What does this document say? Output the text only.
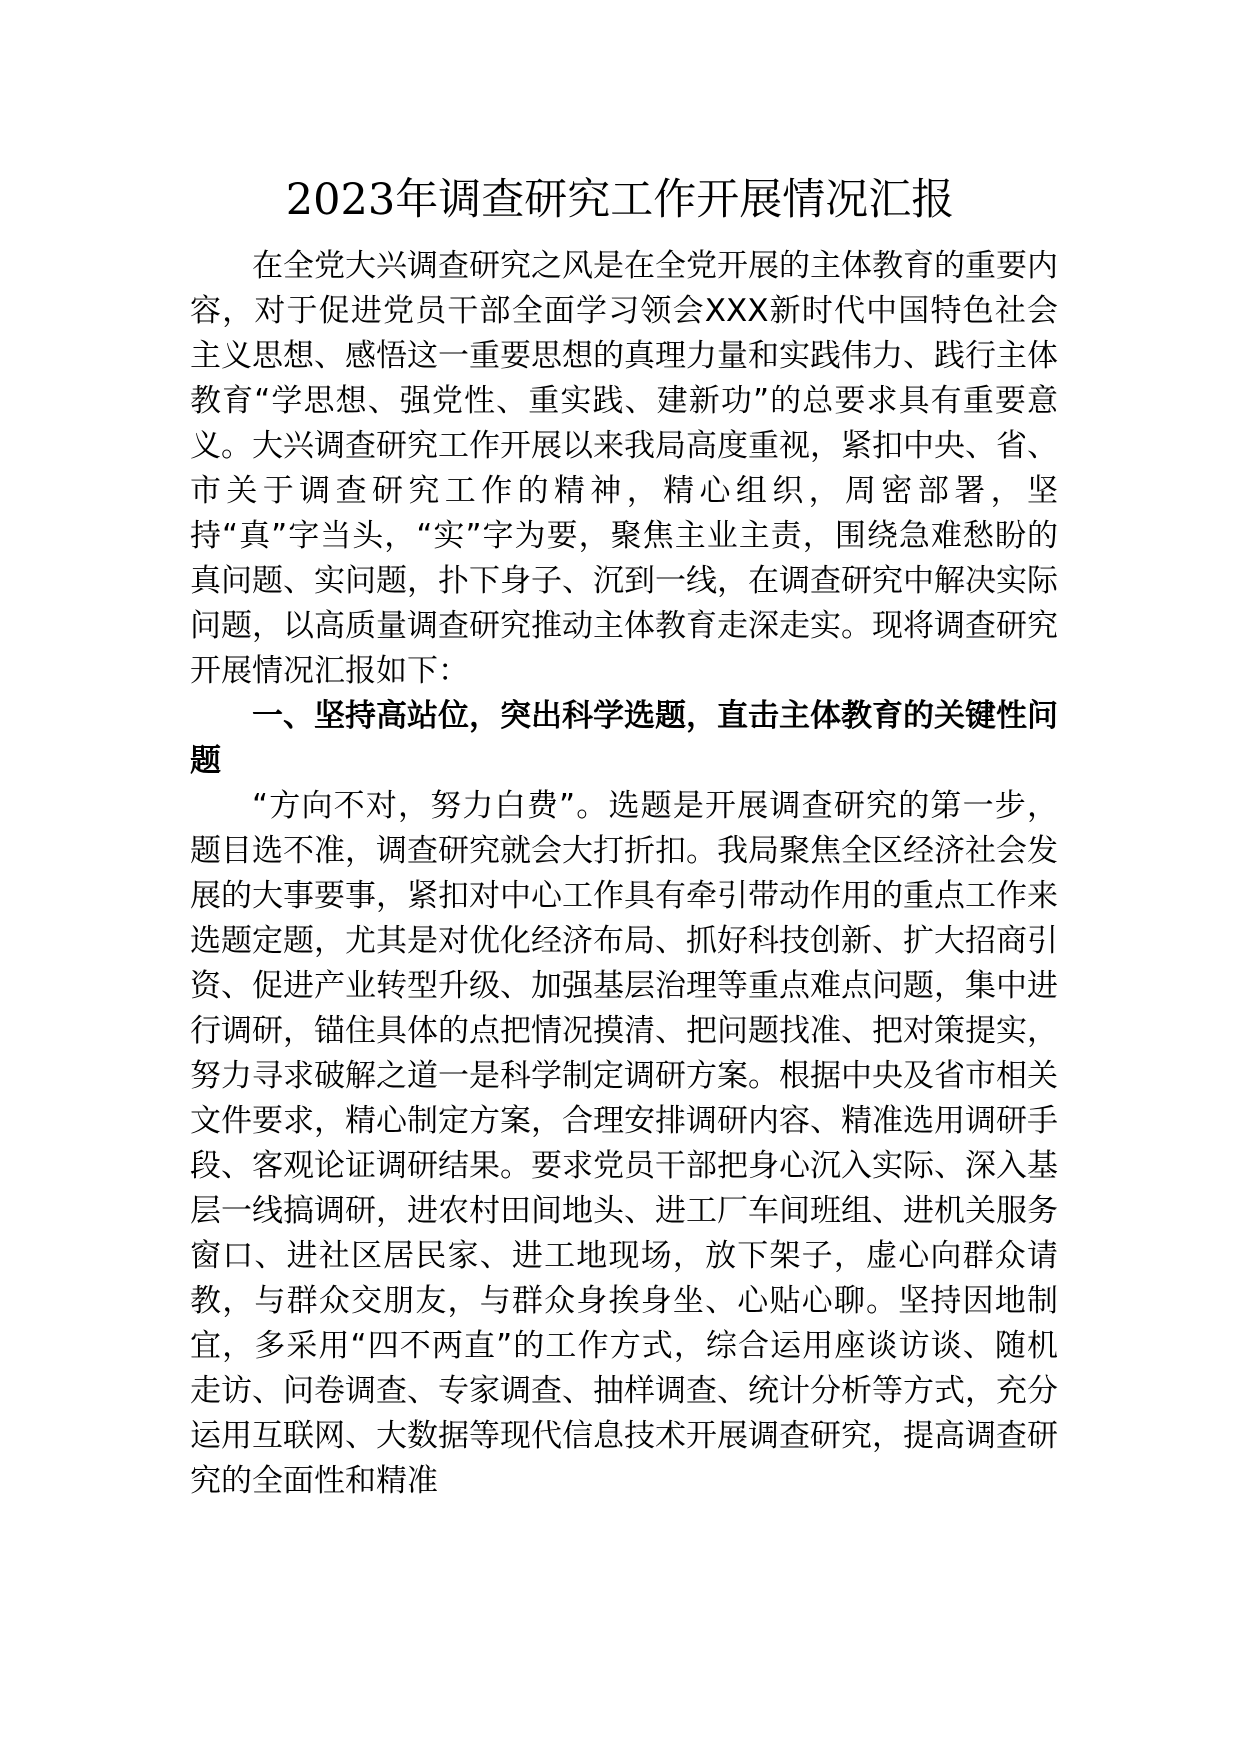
2023年调查研究工作开展情况汇报

在全党大兴调查研究之风是在全党开展的主体教育的重要内容，对于促进党员干部全面学习领会XXX新时代中国特色社会主义思想、感悟这一重要思想的真理力量和实践伟力、践行主体教育“学思想、强党性、重实践、建新功”的总要求具有重要意义。大兴调查研究工作开展以来我局高度重视，紧扣中央、省、市关于调查研究工作的精神，精心组织，周密部署，坚持“真”字当头，“实”字为要，聚焦主业主责，围绕急难愁盼的真问题、实问题，扑下身子、沉到一线，在调查研究中解决实际问题，以高质量调查研究推动主体教育走深走实。现将调查研究开展情况汇报如下：

一、坚持高站位，突出科学选题，直击主体教育的关键性问题

“方向不对，努力白费”。选题是开展调查研究的第一步，题目选不准，调查研究就会大打折扣。我局聚焦全区经济社会发展的大事要事，紧扣对中心工作具有牵引带动作用的重点工作来选题定题，尤其是对优化经济布局、抓好科技创新、扩大招商引资、促进产业转型升级、加强基层治理等重点难点问题，集中进行调研，锚住具体的点把情况摸清、把问题找准、把对策提实，努力寻求破解之道一是科学制定调研方案。根据中央及省市相关文件要求，精心制定方案，合理安排调研内容、精准选用调研手段、客观论证调研结果。要求党员干部把身心沉入实际、深入基层一线搞调研，进农村田间地头、进工厂车间班组、进机关服务窗口、进社区居民家、进工地现场，放下架子，虚心向群众请教，与群众交朋友，与群众身挨身坐、心贴心聊。坚持因地制宜，多采用“四不两直”的工作方式，综合运用座谈访谈、随机走访、问卷调查、专家调查、抽样调查、统计分析等方式，充分运用互联网、大数据等现代信息技术开展调查研究，提高调查研究的全面性和精准
